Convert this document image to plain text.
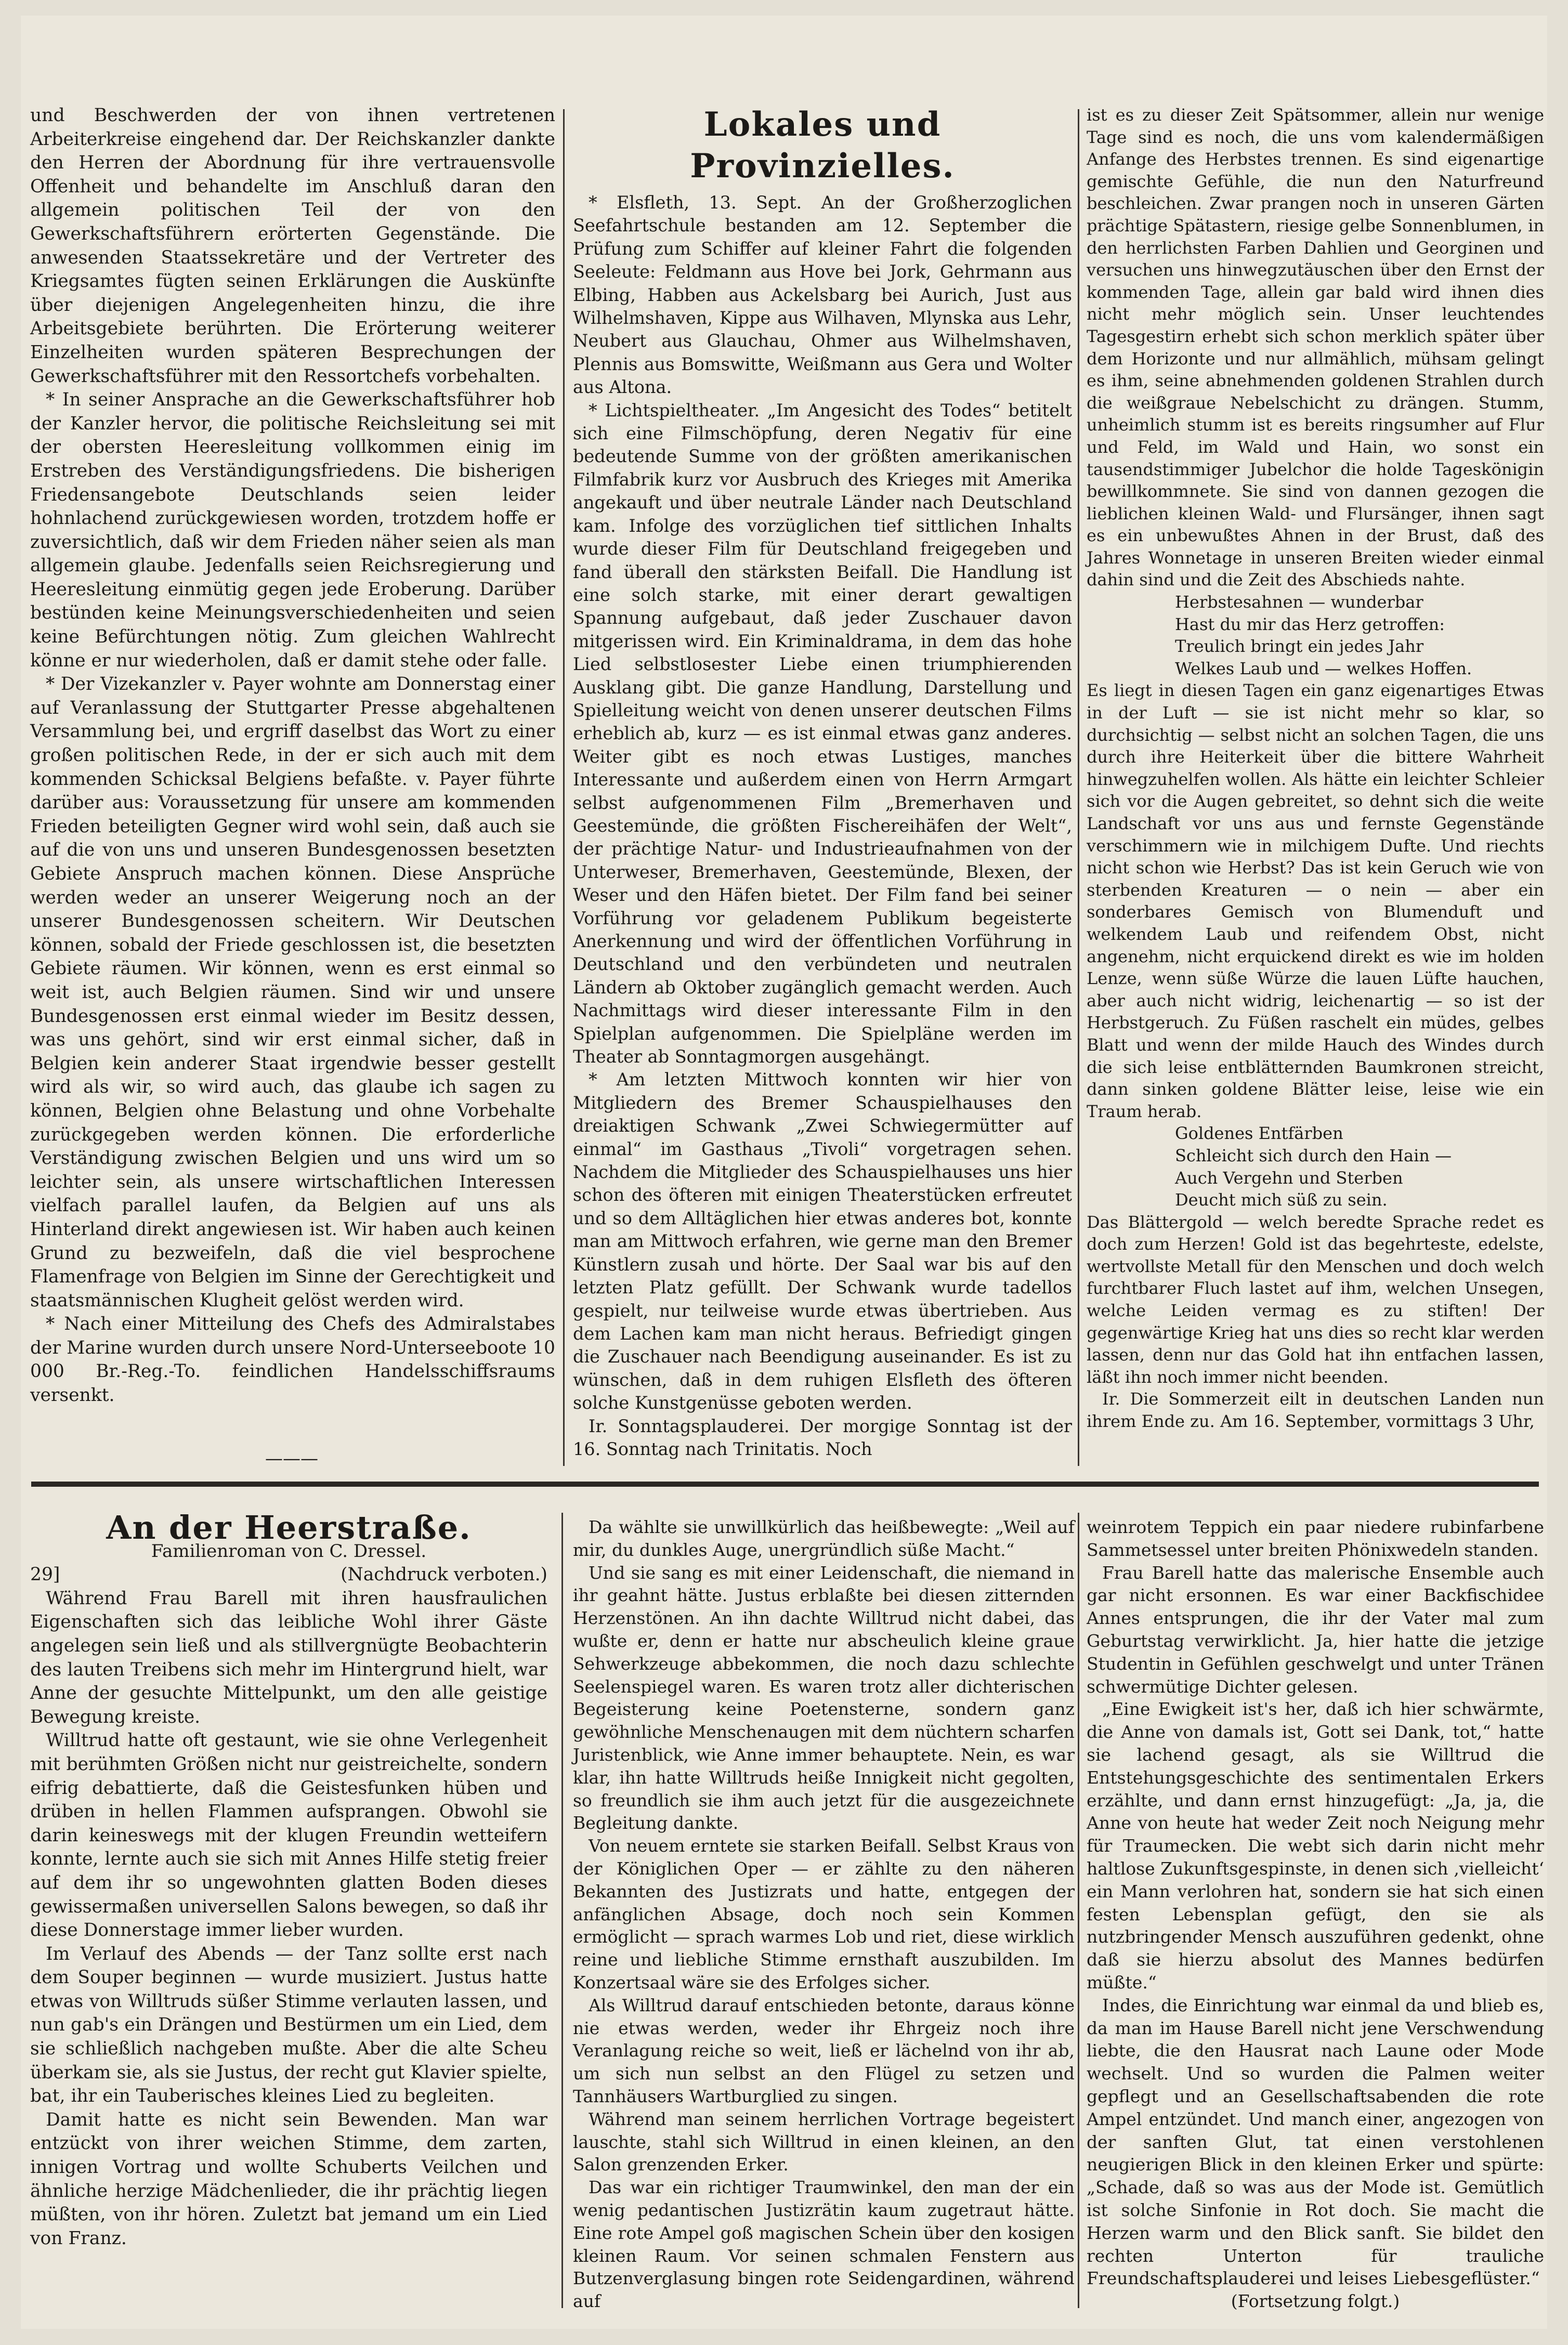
und Beschwerden der von ihnen vertretenen Arbeiterkreise eingehend dar. Der Reichskanzler dankte den Herren der Abordnung für ihre vertrauensvolle Offenheit und behandelte im Anschluß daran den allgemein politischen Teil der von den Gewerkschaftsführern erörterten Gegenstände. Die anwesenden Staatssekretäre und der Vertreter des Kriegsamtes fügten seinen Erklärungen die Auskünfte über diejenigen Angelegenheiten hinzu, die ihre Arbeitsgebiete berührten. Die Erörterung weiterer Einzelheiten wurden späteren Besprechungen der Gewerkschaftsführer mit den Ressortchefs vorbehalten.

* In seiner Ansprache an die Gewerkschaftsführer hob der Kanzler hervor, die politische Reichsleitung sei mit der obersten Heeresleitung vollkommen einig im Erstreben des Verständigungsfriedens. Die bisherigen Friedensangebote Deutschlands seien leider hohnlachend zurückgewiesen worden, trotzdem hoffe er zuversichtlich, daß wir dem Frieden näher seien als man allgemein glaube. Jedenfalls seien Reichsregierung und Heeresleitung einmütig gegen jede Eroberung. Darüber bestünden keine Meinungsverschiedenheiten und seien keine Befürchtungen nötig. Zum gleichen Wahlrecht könne er nur wiederholen, daß er damit stehe oder falle.

* Der Vizekanzler v. Payer wohnte am Donnerstag einer auf Veranlassung der Stuttgarter Presse abgehaltenen Versammlung bei, und ergriff daselbst das Wort zu einer großen politischen Rede, in der er sich auch mit dem kommenden Schicksal Belgiens befaßte. v. Payer führte darüber aus: Voraussetzung für unsere am kommenden Frieden beteiligten Gegner wird wohl sein, daß auch sie auf die von uns und unseren Bundesgenossen besetzten Gebiete Anspruch machen können. Diese Ansprüche werden weder an unserer Weigerung noch an der unserer Bundesgenossen scheitern. Wir Deutschen können, sobald der Friede geschlossen ist, die besetzten Gebiete räumen. Wir können, wenn es erst einmal so weit ist, auch Belgien räumen. Sind wir und unsere Bundesgenossen erst einmal wieder im Besitz dessen, was uns gehört, sind wir erst einmal sicher, daß in Belgien kein anderer Staat irgendwie besser gestellt wird als wir, so wird auch, das glaube ich sagen zu können, Belgien ohne Belastung und ohne Vorbehalte zurückgegeben werden können. Die erforderliche Verständigung zwischen Belgien und uns wird um so leichter sein, als unsere wirtschaftlichen Interessen vielfach parallel laufen, da Belgien auf uns als Hinterland direkt angewiesen ist. Wir haben auch keinen Grund zu bezweifeln, daß die viel besprochene Flamenfrage von Belgien im Sinne der Gerechtigkeit und staatsmännischen Klugheit gelöst werden wird.

* Nach einer Mitteilung des Chefs des Admiralstabes der Marine wurden durch unsere Nord-Unterseeboote 10 000 Br.-Reg.-To. feindlichen Handelsschiffsraums versenkt.

———
Lokales und Provinzielles.

* Elsfleth, 13. Sept. An der Großherzoglichen Seefahrtschule bestanden am 12. September die Prüfung zum Schiffer auf kleiner Fahrt die folgenden Seeleute: Feldmann aus Hove bei Jork, Gehrmann aus Elbing, Habben aus Ackelsbarg bei Aurich, Just aus Wilhelmshaven, Kippe aus Wilhaven, Mlynska aus Lehr, Neubert aus Glauchau, Ohmer aus Wilhelmshaven, Plennis aus Bomswitte, Weißmann aus Gera und Wolter aus Altona.

* Lichtspieltheater. „Im Angesicht des Todes“ betitelt sich eine Filmschöpfung, deren Negativ für eine bedeutende Summe von der größten amerikanischen Filmfabrik kurz vor Ausbruch des Krieges mit Amerika angekauft und über neutrale Länder nach Deutschland kam. Infolge des vorzüglichen tief sittlichen Inhalts wurde dieser Film für Deutschland freigegeben und fand überall den stärksten Beifall. Die Handlung ist eine solch starke, mit einer derart gewaltigen Spannung aufgebaut, daß jeder Zuschauer davon mitgerissen wird. Ein Kriminaldrama, in dem das hohe Lied selbstlosester Liebe einen triumphierenden Ausklang gibt. Die ganze Handlung, Darstellung und Spielleitung weicht von denen unserer deutschen Films erheblich ab, kurz — es ist einmal etwas ganz anderes. Weiter gibt es noch etwas Lustiges, manches Interessante und außerdem einen von Herrn Armgart selbst aufgenommenen Film „Bremerhaven und Geestemünde, die größten Fischereihäfen der Welt“, der prächtige Natur- und Industrieaufnahmen von der Unterweser, Bremerhaven, Geestemünde, Blexen, der Weser und den Häfen bietet. Der Film fand bei seiner Vorführung vor geladenem Publikum begeisterte Anerkennung und wird der öffentlichen Vorführung in Deutschland und den verbündeten und neutralen Ländern ab Oktober zugänglich gemacht werden. Auch Nachmittags wird dieser interessante Film in den Spielplan aufgenommen. Die Spielpläne werden im Theater ab Sonntagmorgen ausgehängt.

* Am letzten Mittwoch konnten wir hier von Mitgliedern des Bremer Schauspielhauses den dreiaktigen Schwank „Zwei Schwiegermütter auf einmal“ im Gasthaus „Tivoli“ vorgetragen sehen. Nachdem die Mitglieder des Schauspielhauses uns hier schon des öfteren mit einigen Theaterstücken erfreutet und so dem Alltäglichen hier etwas anderes bot, konnte man am Mittwoch erfahren, wie gerne man den Bremer Künstlern zusah und hörte. Der Saal war bis auf den letzten Platz gefüllt. Der Schwank wurde tadellos gespielt, nur teilweise wurde etwas übertrieben. Aus dem Lachen kam man nicht heraus. Befriedigt gingen die Zuschauer nach Beendigung auseinander. Es ist zu wünschen, daß in dem ruhigen Elsfleth des öfteren solche Kunstgenüsse geboten werden.

Ir. Sonntagsplauderei. Der morgige Sonntag ist der 16. Sonntag nach Trinitatis. Noch

ist es zu dieser Zeit Spätsommer, allein nur wenige Tage sind es noch, die uns vom kalendermäßigen Anfange des Herbstes trennen. Es sind eigenartige gemischte Gefühle, die nun den Naturfreund beschleichen. Zwar prangen noch in unseren Gärten prächtige Spätastern, riesige gelbe Sonnenblumen, in den herrlichsten Farben Dahlien und Georginen und versuchen uns hinwegzutäuschen über den Ernst der kommenden Tage, allein gar bald wird ihnen dies nicht mehr möglich sein. Unser leuchtendes Tagesgestirn erhebt sich schon merklich später über dem Horizonte und nur allmählich, mühsam gelingt es ihm, seine abnehmenden goldenen Strahlen durch die weißgraue Nebelschicht zu drängen. Stumm, unheimlich stumm ist es bereits ringsumher auf Flur und Feld, im Wald und Hain, wo sonst ein tausendstimmiger Jubelchor die holde Tageskönigin bewillkommnete. Sie sind von dannen gezogen die lieblichen kleinen Wald- und Flursänger, ihnen sagt es ein unbewußtes Ahnen in der Brust, daß des Jahres Wonnetage in unseren Breiten wieder einmal dahin sind und die Zeit des Abschieds nahte.

Herbstesahnen — wunderbar
Hast du mir das Herz getroffen:
Treulich bringt ein jedes Jahr
Welkes Laub und — welkes Hoffen.

Es liegt in diesen Tagen ein ganz eigenartiges Etwas in der Luft — sie ist nicht mehr so klar, so durchsichtig — selbst nicht an solchen Tagen, die uns durch ihre Heiterkeit über die bittere Wahrheit hinwegzuhelfen wollen. Als hätte ein leichter Schleier sich vor die Augen gebreitet, so dehnt sich die weite Landschaft vor uns aus und fernste Gegenstände verschimmern wie in milchigem Dufte. Und riechts nicht schon wie Herbst? Das ist kein Geruch wie von sterbenden Kreaturen — o nein — aber ein sonderbares Gemisch von Blumenduft und welkendem Laub und reifendem Obst, nicht angenehm, nicht erquickend direkt es wie im holden Lenze, wenn süße Würze die lauen Lüfte hauchen, aber auch nicht widrig, leichenartig — so ist der Herbstgeruch. Zu Füßen raschelt ein müdes, gelbes Blatt und wenn der milde Hauch des Windes durch die sich leise entblätternden Baumkronen streicht, dann sinken goldene Blätter leise, leise wie ein Traum herab.

Goldenes Entfärben
Schleicht sich durch den Hain —
Auch Vergehn und Sterben
Deucht mich süß zu sein.

Das Blättergold — welch beredte Sprache redet es doch zum Herzen! Gold ist das begehrteste, edelste, wertvollste Metall für den Menschen und doch welch furchtbarer Fluch lastet auf ihm, welchen Unsegen, welche Leiden vermag es zu stiften! Der gegenwärtige Krieg hat uns dies so recht klar werden lassen, denn nur das Gold hat ihn entfachen lassen, läßt ihn noch immer nicht beenden.

Ir. Die Sommerzeit eilt in deutschen Landen nun ihrem Ende zu. Am 16. September, vormittags 3 Uhr,

An der Heerstraße.

Familienroman von C. Dressel.

29]	(Nachdruck verboten.)

Während Frau Barell mit ihren hausfraulichen Eigenschaften sich das leibliche Wohl ihrer Gäste angelegen sein ließ und als stillvergnügte Beobachterin des lauten Treibens sich mehr im Hintergrund hielt, war Anne der gesuchte Mittelpunkt, um den alle geistige Bewegung kreiste.

Willtrud hatte oft gestaunt, wie sie ohne Verlegenheit mit berühmten Größen nicht nur geistreichelte, sondern eifrig debattierte, daß die Geistesfunken hüben und drüben in hellen Flammen aufsprangen. Obwohl sie darin keineswegs mit der klugen Freundin wetteifern konnte, lernte auch sie sich mit Annes Hilfe stetig freier auf dem ihr so ungewohnten glatten Boden dieses gewissermaßen universellen Salons bewegen, so daß ihr diese Donnerstage immer lieber wurden.

Im Verlauf des Abends — der Tanz sollte erst nach dem Souper beginnen — wurde musiziert. Justus hatte etwas von Willtruds süßer Stimme verlauten lassen, und nun gab's ein Drängen und Bestürmen um ein Lied, dem sie schließlich nachgeben mußte. Aber die alte Scheu überkam sie, als sie Justus, der recht gut Klavier spielte, bat, ihr ein Tauberisches kleines Lied zu begleiten.

Damit hatte es nicht sein Bewenden. Man war entzückt von ihrer weichen Stimme, dem zarten, innigen Vortrag und wollte Schuberts Veilchen und ähnliche herzige Mädchenlieder, die ihr prächtig liegen müßten, von ihr hören. Zuletzt bat jemand um ein Lied von Franz.

Da wählte sie unwillkürlich das heißbewegte: „Weil auf mir, du dunkles Auge, unergründlich süße Macht.“

Und sie sang es mit einer Leidenschaft, die niemand in ihr geahnt hätte. Justus erblaßte bei diesen zitternden Herzenstönen. An ihn dachte Willtrud nicht dabei, das wußte er, denn er hatte nur abscheulich kleine graue Sehwerkzeuge abbekommen, die noch dazu schlechte Seelenspiegel waren. Es waren trotz aller dichterischen Begeisterung keine Poetensterne, sondern ganz gewöhnliche Menschenaugen mit dem nüchtern scharfen Juristenblick, wie Anne immer behauptete. Nein, es war klar, ihn hatte Willtruds heiße Innigkeit nicht gegolten, so freundlich sie ihm auch jetzt für die ausgezeichnete Begleitung dankte.

Von neuem erntete sie starken Beifall. Selbst Kraus von der Königlichen Oper — er zählte zu den näheren Bekannten des Justizrats und hatte, entgegen der anfänglichen Absage, doch noch sein Kommen ermöglicht — sprach warmes Lob und riet, diese wirklich reine und liebliche Stimme ernsthaft auszubilden. Im Konzertsaal wäre sie des Erfolges sicher.

Als Willtrud darauf entschieden betonte, daraus könne nie etwas werden, weder ihr Ehrgeiz noch ihre Veranlagung reiche so weit, ließ er lächelnd von ihr ab, um sich nun selbst an den Flügel zu setzen und Tannhäusers Wartburglied zu singen.

Während man seinem herrlichen Vortrage begeistert lauschte, stahl sich Willtrud in einen kleinen, an den Salon grenzenden Erker.

Das war ein richtiger Traumwinkel, den man der ein wenig pedantischen Justizrätin kaum zugetraut hätte. Eine rote Ampel goß magischen Schein über den kosigen kleinen Raum. Vor seinen schmalen Fenstern aus Butzenverglasung bingen rote Seidengardinen, während auf

weinrotem Teppich ein paar niedere rubinfarbene Sammetsessel unter breiten Phönixwedeln standen.

Frau Barell hatte das malerische Ensemble auch gar nicht ersonnen. Es war einer Backfischidee Annes entsprungen, die ihr der Vater mal zum Geburtstag verwirklicht. Ja, hier hatte die jetzige Studentin in Gefühlen geschwelgt und unter Tränen schwermütige Dichter gelesen.

„Eine Ewigkeit ist's her, daß ich hier schwärmte, die Anne von damals ist, Gott sei Dank, tot,“ hatte sie lachend gesagt, als sie Willtrud die Entstehungsgeschichte des sentimentalen Erkers erzählte, und dann ernst hinzugefügt: „Ja, ja, die Anne von heute hat weder Zeit noch Neigung mehr für Traumecken. Die webt sich darin nicht mehr haltlose Zukunftsgespinste, in denen sich ‚vielleicht‘ ein Mann verlohren hat, sondern sie hat sich einen festen Lebensplan gefügt, den sie als nutzbringender Mensch auszuführen gedenkt, ohne daß sie hierzu absolut des Mannes bedürfen müßte.“

Indes, die Einrichtung war einmal da und blieb es, da man im Hause Barell nicht jene Verschwendung liebte, die den Hausrat nach Laune oder Mode wechselt. Und so wurden die Palmen weiter gepflegt und an Gesellschaftsabenden die rote Ampel entzündet. Und manch einer, angezogen von der sanften Glut, tat einen verstohlenen neugierigen Blick in den kleinen Erker und spürte: „Schade, daß so was aus der Mode ist. Gemütlich ist solche Sinfonie in Rot doch. Sie macht die Herzen warm und den Blick sanft. Sie bildet den rechten Unterton für trauliche Freundschaftsplauderei und leises Liebesgeflüster.“

(Fortsetzung folgt.)
